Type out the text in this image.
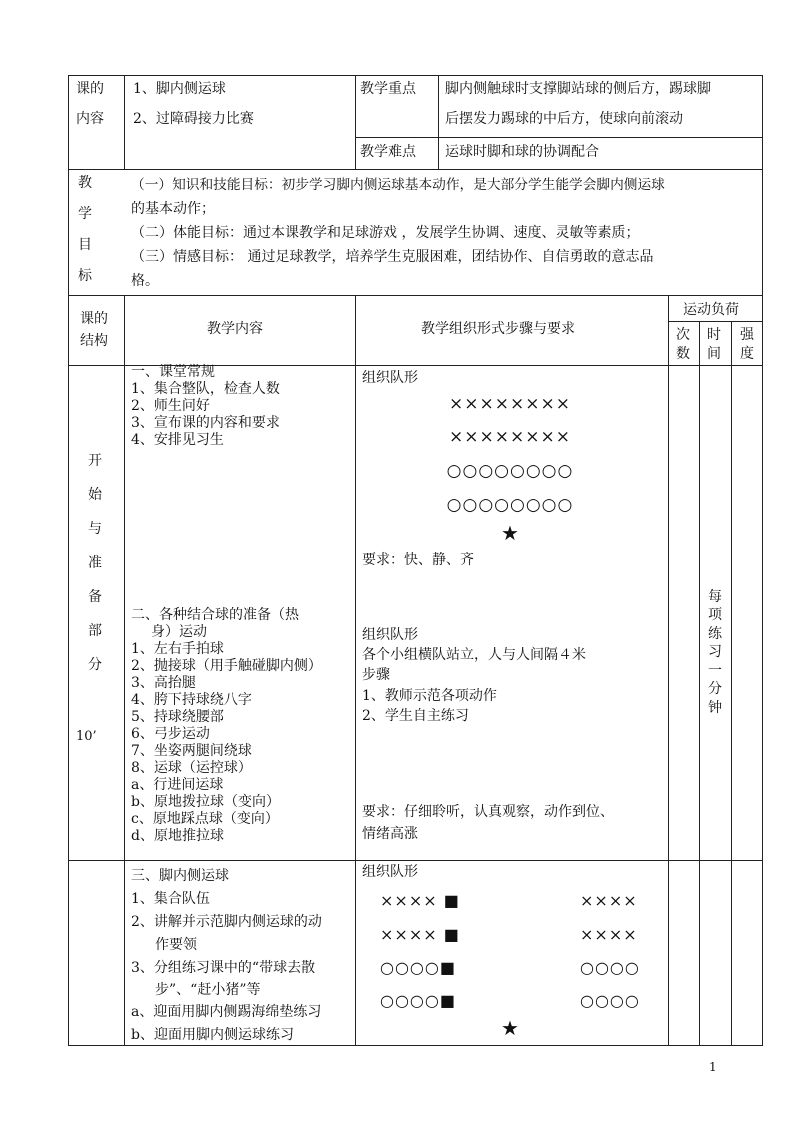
课的
内容
1、脚内侧运球
2、过障碍接力比赛
教学重点 脚内侧触球时支撑脚站球的侧后方，踢球脚
后摆发力踢球的中后方，使球向前滚动
教学难点 运球时脚和球的协调配合
教
学
目
标
（一）知识和技能目标：初步学习脚内侧运球基本动作，是大部分学生能学会脚内侧运球
的基本动作；
（二）体能目标：通过本课教学和足球游戏 ，发展学生协调、速度、灵敏等素质；
（三）情感目标： 通过足球教学，培养学生克服困难，团结协作、自信勇敢的意志品
格。
课的
结构
教学内容	教学组织形式步骤与要求
运动负荷
次
数
时
间
强
度
开
始
与
准
备
部
分
10’
一、课堂常规
1、集合整队，检查人数
2、师生问好
3、宣布课的内容和要求
4、安排见习生
组织队形
××××××××
××××××××
○○○○○○○○
○○○○○○○○
★
要求：快、静、齐
二、各种结合球的准备（热
身）运动
1、左右手拍球
2、抛接球（用手触碰脚内侧）
3、高抬腿
4、胯下持球绕八字
5、持球绕腰部
6、弓步运动
7、坐姿两腿间绕球
8、运球（运控球）
a、行进间运球
b、原地拨拉球（变向）
c、原地踩点球（变向）
d、原地推拉球
组织队形
各个小组横队站立，人与人间隔４米
步骤
1、教师示范各项动作
2、学生自主练习
要求：仔细聆听，认真观察，动作到位、
情绪高涨
每
项
练
习
一
分
钟
三、脚内侧运球
1、集合队伍
2、讲解并示范脚内侧运球的动
作要领
3、分组练习课中的“带球去散
步”、“赶小猪”等
a、迎面用脚内侧踢海绵垫练习
b、迎面用脚内侧运球练习
组织队形
×××× ■
×××× ■
○○○○■
○○○○■
××××
××××
○○○○
○○○○
★
1
